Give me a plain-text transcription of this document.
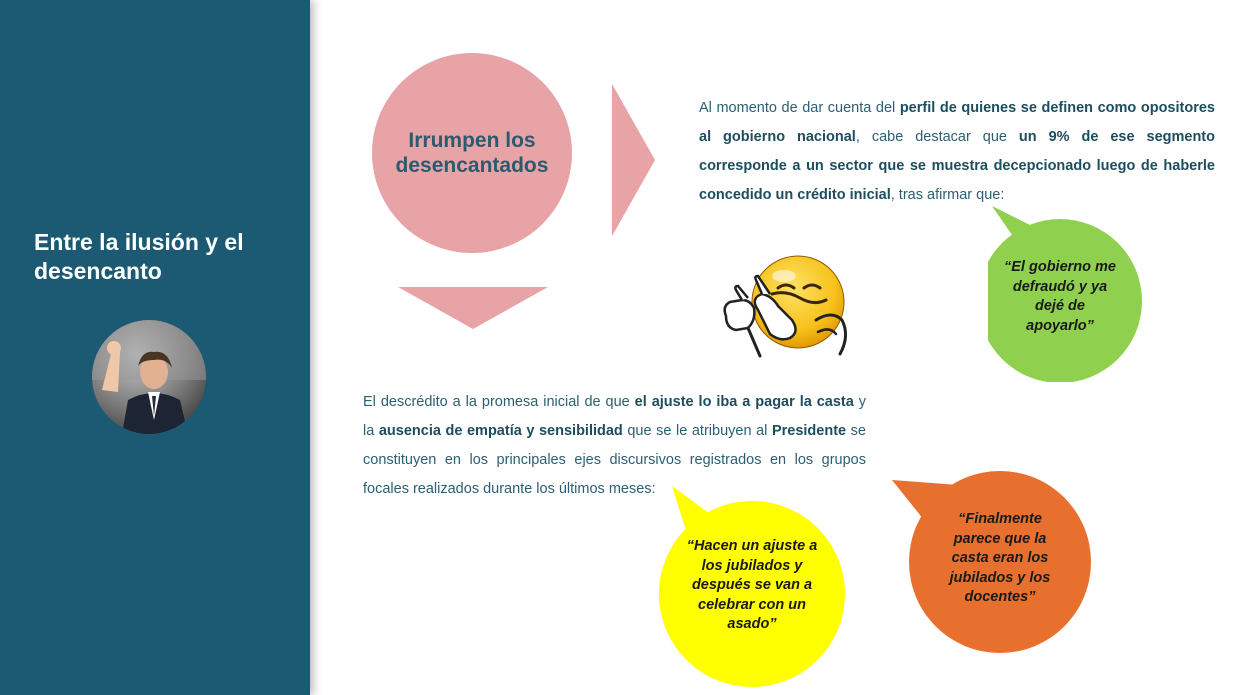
Entre la ilusión y el desencanto
Irrumpen los desencantados
Al momento de dar cuenta del perfil de quienes se definen como opositores al gobierno nacional, cabe destacar que un 9% de ese segmento corresponde a un sector que se muestra decepcionado luego de haberle concedido un crédito inicial, tras afirmar que:
El descrédito a la promesa inicial de que el ajuste lo iba a pagar la casta y la ausencia de empatía y sensibilidad que se le atribuyen al Presidente se constituyen en los principales ejes discursivos registrados en los grupos focales realizados durante los últimos meses:
“El gobierno me defraudó y ya dejé de apoyarlo”
“Hacen un ajuste a los jubilados y después se van a celebrar con un asado”
“Finalmente parece que la casta eran los jubilados y los docentes”
